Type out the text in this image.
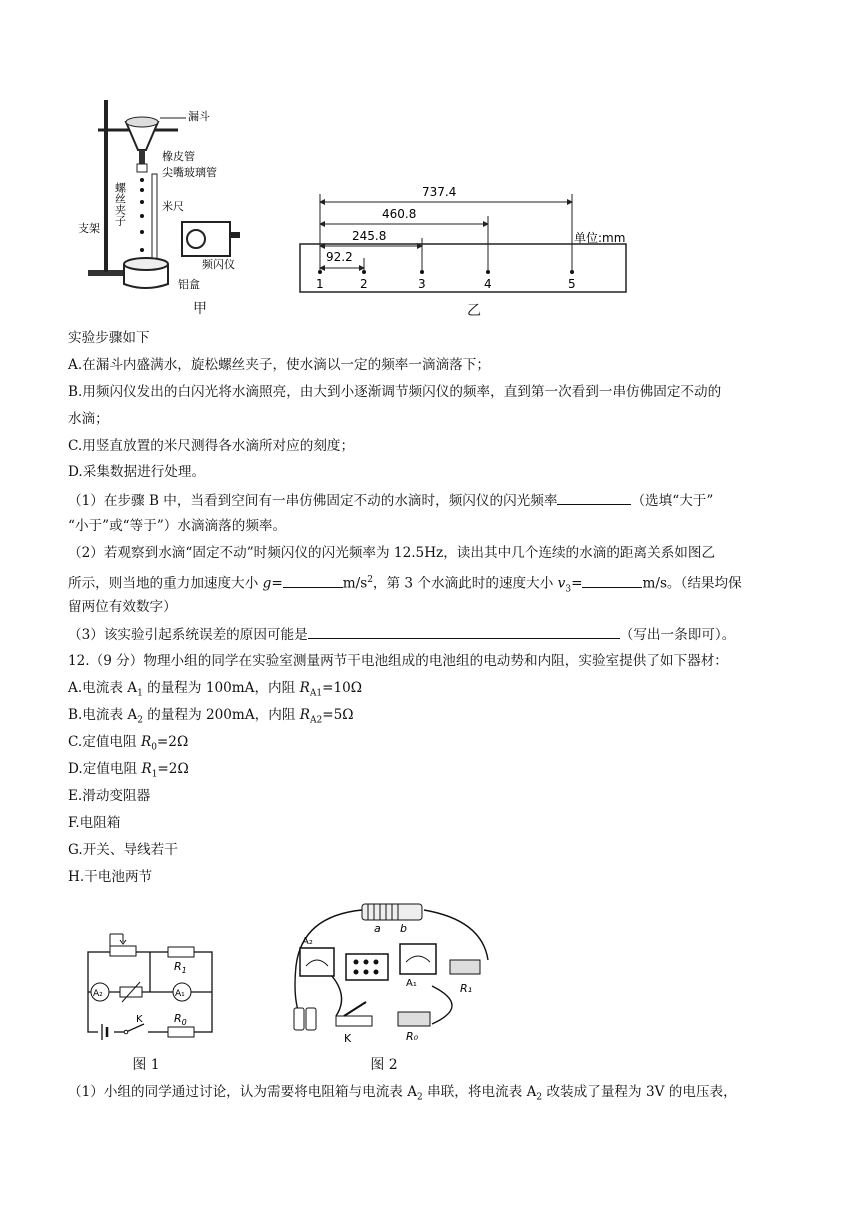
漏斗
橡皮管
尖嘴玻璃管
螺丝夹子	米尺
支架
频闪仪
铝盒
甲
737.4
460.8
245.8
92.2
单位:mm
1	2	3	4	5
乙
实验步骤如下
A.在漏斗内盛满水，旋松螺丝夹子，使水滴以一定的频率一滴滴落下；
B.用频闪仪发出的白闪光将水滴照亮，由大到小逐渐调节频闪仪的频率，直到第一次看到一串仿佛固定不动的
水滴；
C.用竖直放置的米尺测得各水滴所对应的刻度；
D.采集数据进行处理。
（1）在步骤 B 中，当看到空间有一串仿佛固定不动的水滴时，频闪仪的闪光频率	（选填“大于”
“小于”或“等于”）水滴滴落的频率。
（2）若观察到水滴“固定不动”时频闪仪的闪光频率为 12.5Hz，读出其中几个连续的水滴的距离关系如图乙
所示，则当地的重力加速度大小 g=	$m/s^2$，第 3 个水滴此时的速度大小 $v_3=$	m/s。（结果均保
留两位有效数字）
（3）该实验引起系统误差的原因可能是	（写出一条即可）。
12.（9 分）物理小组的同学在实验室测量两节干电池组成的电池组的电动势和内阻，实验室提供了如下器材：
A.电流表 $A_1$ 的量程为 100mA，内阻 $R_{A1}=10\Omega$
B.电流表 $A_2$ 的量程为 200mA，内阻 $R_{A2}=5\Omega$
C.定值电阻 $R_0=2\Omega$
D.定值电阻 $R_1=2\Omega$
E.滑动变阻器
F.电阻箱
G.开关、导线若干
H.干电池两节
$R_1$
A₂	A₁
K	$R_0$
图 1
a b
A₂
A₁	R₁
K	R₀
图 2
（1）小组的同学通过讨论，认为需要将电阻箱与电流表 $A_2$ 串联，将电流表 $A_2$ 改装成了量程为 3V 的电压表，
